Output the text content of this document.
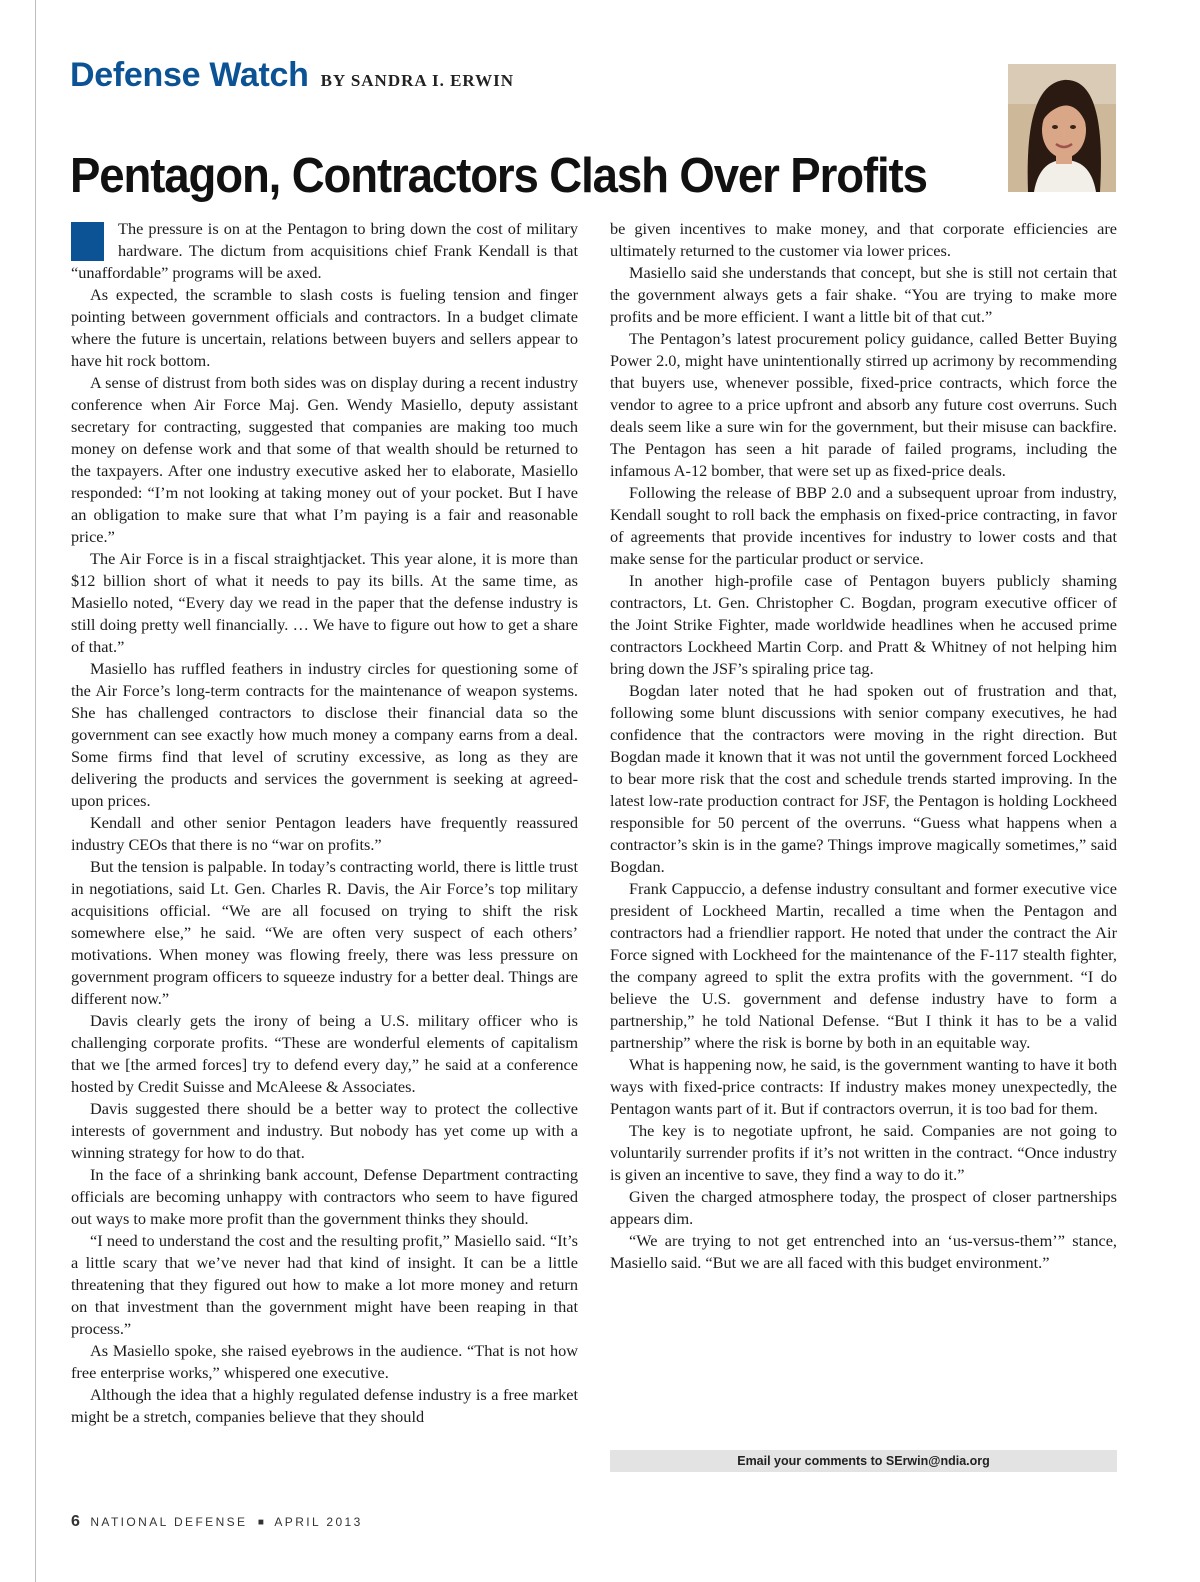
Defense Watch BY SANDRA I. ERWIN
Pentagon, Contractors Clash Over Profits

The pressure is on at the Pentagon to bring down the cost of military hardware. The dictum from acquisitions chief Frank Kendall is that “unaffordable” programs will be axed.

As expected, the scramble to slash costs is fueling tension and finger pointing between government officials and contractors. In a budget climate where the future is uncertain, relations between buyers and sellers appear to have hit rock bottom.

A sense of distrust from both sides was on display during a recent industry conference when Air Force Maj. Gen. Wendy Masiello, deputy assistant secretary for contracting, suggested that companies are making too much money on defense work and that some of that wealth should be returned to the taxpayers. After one industry executive asked her to elaborate, Masiello responded: “I’m not looking at taking money out of your pocket. But I have an obligation to make sure that what I’m paying is a fair and reasonable price.”

The Air Force is in a fiscal straightjacket. This year alone, it is more than $12 billion short of what it needs to pay its bills. At the same time, as Masiello noted, “Every day we read in the paper that the defense industry is still doing pretty well financially. … We have to figure out how to get a share of that.”

Masiello has ruffled feathers in industry circles for questioning some of the Air Force’s long-term contracts for the maintenance of weapon systems. She has challenged contractors to disclose their financial data so the government can see exactly how much money a company earns from a deal. Some firms find that level of scrutiny excessive, as long as they are delivering the products and services the government is seeking at agreed-upon prices.

Kendall and other senior Pentagon leaders have frequently reassured industry CEOs that there is no “war on profits.”

But the tension is palpable. In today’s contracting world, there is little trust in negotiations, said Lt. Gen. Charles R. Davis, the Air Force’s top military acquisitions official. “We are all focused on trying to shift the risk somewhere else,” he said. “We are often very suspect of each others’ motivations. When money was flowing freely, there was less pressure on government program officers to squeeze industry for a better deal. Things are different now.”

Davis clearly gets the irony of being a U.S. military officer who is challenging corporate profits. “These are wonderful elements of capitalism that we [the armed forces] try to defend every day,” he said at a conference hosted by Credit Suisse and McAleese & Associates.

Davis suggested there should be a better way to protect the collective interests of government and industry. But nobody has yet come up with a winning strategy for how to do that.

In the face of a shrinking bank account, Defense Department contracting officials are becoming unhappy with contractors who seem to have figured out ways to make more profit than the government thinks they should.

“I need to understand the cost and the resulting profit,” Masiello said. “It’s a little scary that we’ve never had that kind of insight. It can be a little threatening that they figured out how to make a lot more money and return on that investment than the government might have been reaping in that process.”

As Masiello spoke, she raised eyebrows in the audience. “That is not how free enterprise works,” whispered one executive.

Although the idea that a highly regulated defense industry is a free market might be a stretch, companies believe that they should

be given incentives to make money, and that corporate efficiencies are ultimately returned to the customer via lower prices.

Masiello said she understands that concept, but she is still not certain that the government always gets a fair shake. “You are trying to make more profits and be more efficient. I want a little bit of that cut.”

The Pentagon’s latest procurement policy guidance, called Better Buying Power 2.0, might have unintentionally stirred up acrimony by recommending that buyers use, whenever possible, fixed-price contracts, which force the vendor to agree to a price upfront and absorb any future cost overruns. Such deals seem like a sure win for the government, but their misuse can backfire. The Pentagon has seen a hit parade of failed programs, including the infamous A-12 bomber, that were set up as fixed-price deals.

Following the release of BBP 2.0 and a subsequent uproar from industry, Kendall sought to roll back the emphasis on fixed-price contracting, in favor of agreements that provide incentives for industry to lower costs and that make sense for the particular product or service.

In another high-profile case of Pentagon buyers publicly shaming contractors, Lt. Gen. Christopher C. Bogdan, program executive officer of the Joint Strike Fighter, made worldwide headlines when he accused prime contractors Lockheed Martin Corp. and Pratt & Whitney of not helping him bring down the JSF’s spiraling price tag.

Bogdan later noted that he had spoken out of frustration and that, following some blunt discussions with senior company executives, he had confidence that the contractors were moving in the right direction. But Bogdan made it known that it was not until the government forced Lockheed to bear more risk that the cost and schedule trends started improving. In the latest low-rate production contract for JSF, the Pentagon is holding Lockheed responsible for 50 percent of the overruns. “Guess what happens when a contractor’s skin is in the game? Things improve magically sometimes,” said Bogdan.

Frank Cappuccio, a defense industry consultant and former executive vice president of Lockheed Martin, recalled a time when the Pentagon and contractors had a friendlier rapport. He noted that under the contract the Air Force signed with Lockheed for the maintenance of the F-117 stealth fighter, the company agreed to split the extra profits with the government. “I do believe the U.S. government and defense industry have to form a partnership,” he told National Defense. “But I think it has to be a valid partnership” where the risk is borne by both in an equitable way.

What is happening now, he said, is the government wanting to have it both ways with fixed-price contracts: If industry makes money unexpectedly, the Pentagon wants part of it. But if contractors overrun, it is too bad for them.

The key is to negotiate upfront, he said. Companies are not going to voluntarily surrender profits if it’s not written in the contract. “Once industry is given an incentive to save, they find a way to do it.”

Given the charged atmosphere today, the prospect of closer partnerships appears dim.

“We are trying to not get entrenched into an ‘us-versus-them’” stance, Masiello said. “But we are all faced with this budget environment.”

Email your comments to SErwin@ndia.org
6 NATIONAL DEFENSE ■ APRIL 2013
